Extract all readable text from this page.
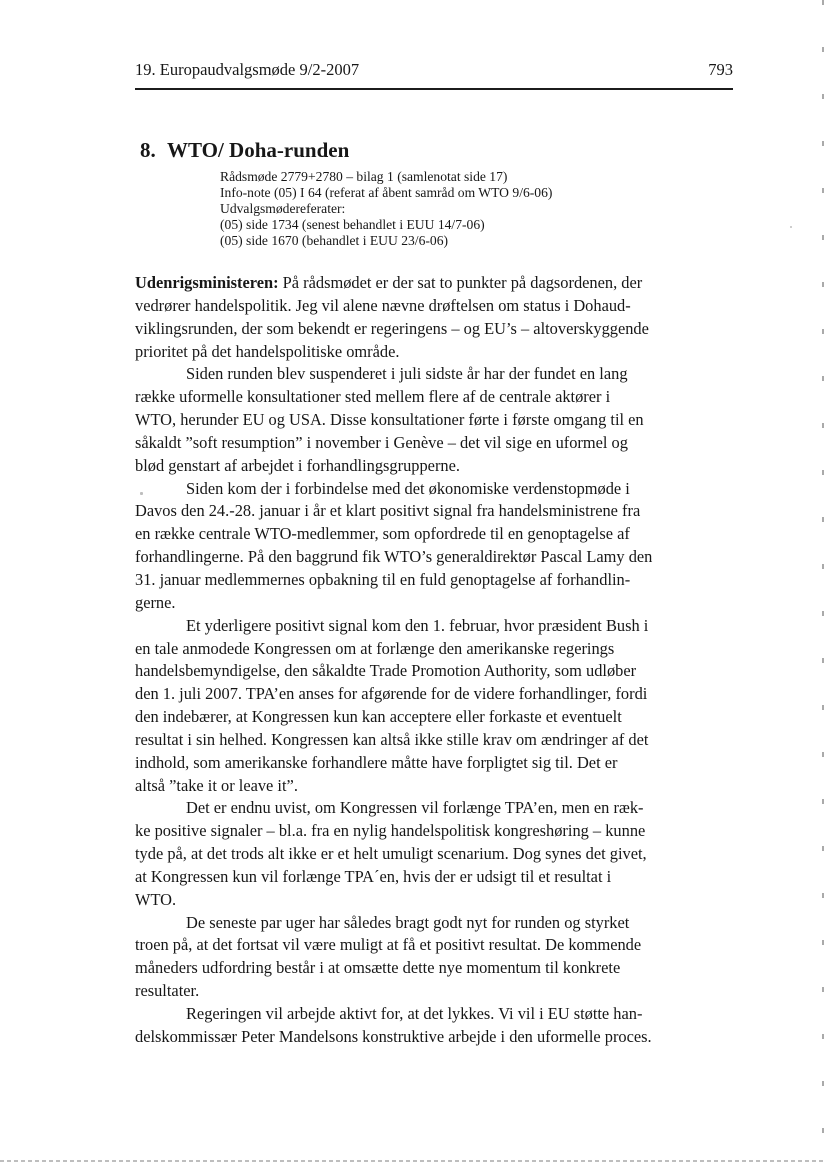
19. Europaudvalgsmøde 9/2-2007	793
8. WTO/ Doha-runden
Rådsmøde 2779+2780 – bilag 1 (samlenotat side 17)
Info-note (05) I 64 (referat af åbent samråd om WTO 9/6-06)
Udvalgsmødereferater:
(05) side 1734 (senest behandlet i EUU 14/7-06)
(05) side 1670 (behandlet i EUU 23/6-06)
Udenrigsministeren: På rådsmødet er der sat to punkter på dagsordenen, der
vedrører handelspolitik. Jeg vil alene nævne drøftelsen om status i Dohaud-
viklingsrunden, der som bekendt er regeringens – og EU’s – altoverskyggende
prioritet på det handelspolitiske område.
Siden runden blev suspenderet i juli sidste år har der fundet en lang
række uformelle konsultationer sted mellem flere af de centrale aktører i
WTO, herunder EU og USA. Disse konsultationer førte i første omgang til en
såkaldt ”soft resumption” i november i Genève – det vil sige en uformel og
blød genstart af arbejdet i forhandlingsgrupperne.
Siden kom der i forbindelse med det økonomiske verdenstopmøde i
Davos den 24.-28. januar i år et klart positivt signal fra handelsministrene fra
en række centrale WTO-medlemmer, som opfordrede til en genoptagelse af
forhandlingerne. På den baggrund fik WTO’s generaldirektør Pascal Lamy den
31. januar medlemmernes opbakning til en fuld genoptagelse af forhandlin-
gerne.
Et yderligere positivt signal kom den 1. februar, hvor præsident Bush i
en tale anmodede Kongressen om at forlænge den amerikanske regerings
handelsbemyndigelse, den såkaldte Trade Promotion Authority, som udløber
den 1. juli 2007. TPA’en anses for afgørende for de videre forhandlinger, fordi
den indebærer, at Kongressen kun kan acceptere eller forkaste et eventuelt
resultat i sin helhed. Kongressen kan altså ikke stille krav om ændringer af det
indhold, som amerikanske forhandlere måtte have forpligtet sig til. Det er
altså ”take it or leave it”.
Det er endnu uvist, om Kongressen vil forlænge TPA’en, men en ræk-
ke positive signaler – bl.a. fra en nylig handelspolitisk kongreshøring – kunne
tyde på, at det trods alt ikke er et helt umuligt scenarium. Dog synes det givet,
at Kongressen kun vil forlænge TPA´en, hvis der er udsigt til et resultat i
WTO.
De seneste par uger har således bragt godt nyt for runden og styrket
troen på, at det fortsat vil være muligt at få et positivt resultat. De kommende
måneders udfordring består i at omsætte dette nye momentum til konkrete
resultater.
Regeringen vil arbejde aktivt for, at det lykkes. Vi vil i EU støtte han-
delskommissær Peter Mandelsons konstruktive arbejde i den uformelle proces.
